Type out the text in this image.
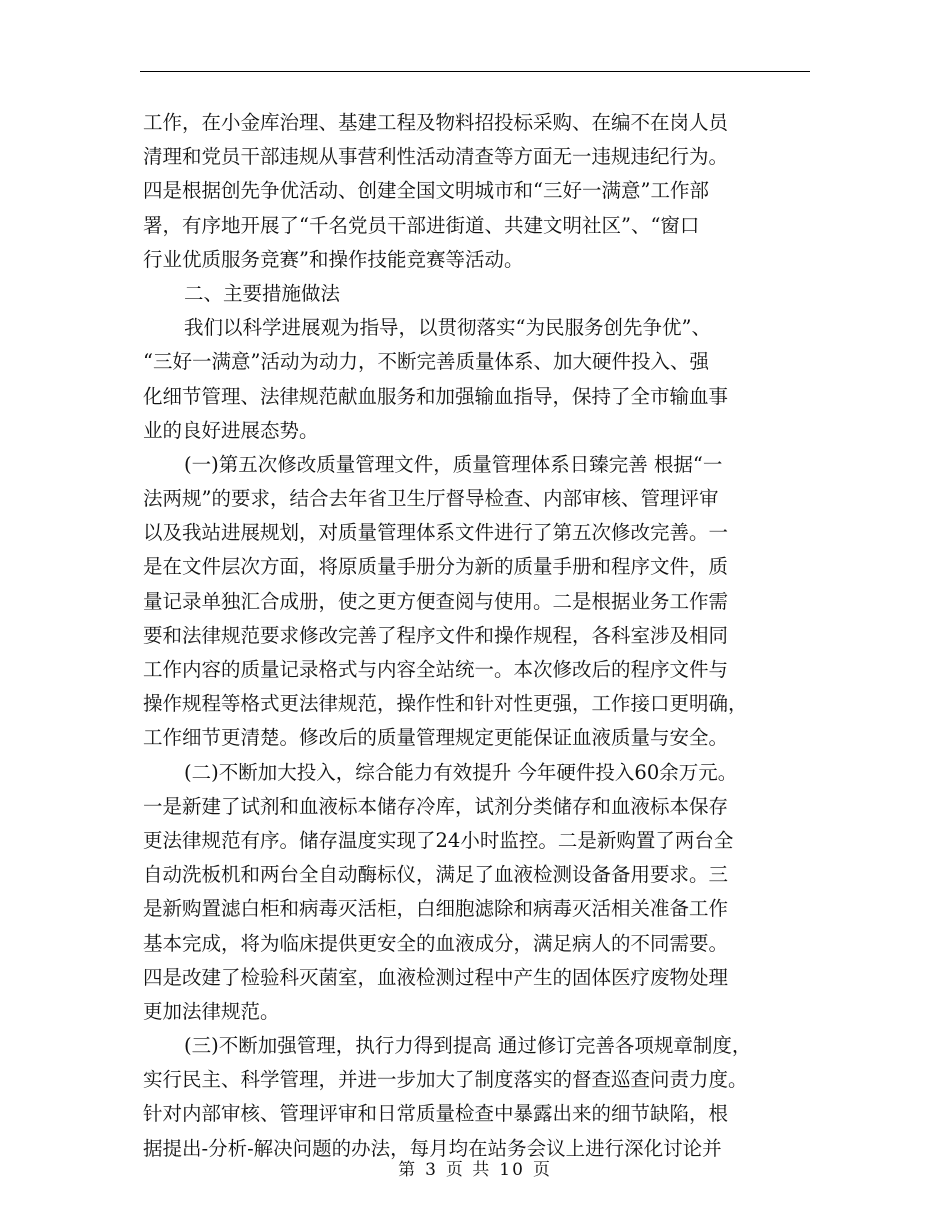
工作，在小金库治理、基建工程及物料招投标采购、在编不在岗人员
清理和党员干部违规从事营利性活动清查等方面无一违规违纪行为。
四是根据创先争优活动、创建全国文明城市和“三好一满意”工作部
署，有序地开展了“千名党员干部进街道、共建文明社区”、“窗口
行业优质服务竞赛”和操作技能竞赛等活动。
二、主要措施做法
我们以科学进展观为指导，以贯彻落实“为民服务创先争优”、
“三好一满意”活动为动力，不断完善质量体系、加大硬件投入、强
化细节管理、法律规范献血服务和加强输血指导，保持了全市输血事
业的良好进展态势。
(一)第五次修改质量管理文件，质量管理体系日臻完善 根据“一
法两规”的要求，结合去年省卫生厅督导检查、内部审核、管理评审
以及我站进展规划，对质量管理体系文件进行了第五次修改完善。一
是在文件层次方面，将原质量手册分为新的质量手册和程序文件，质
量记录单独汇合成册，使之更方便查阅与使用。二是根据业务工作需
要和法律规范要求修改完善了程序文件和操作规程，各科室涉及相同
工作内容的质量记录格式与内容全站统一。本次修改后的程序文件与
操作规程等格式更法律规范，操作性和针对性更强，工作接口更明确，
工作细节更清楚。修改后的质量管理规定更能保证血液质量与安全。
(二)不断加大投入，综合能力有效提升 今年硬件投入60余万元。
一是新建了试剂和血液标本储存冷库，试剂分类储存和血液标本保存
更法律规范有序。储存温度实现了24小时监控。二是新购置了两台全
自动洗板机和两台全自动酶标仪，满足了血液检测设备备用要求。三
是新购置滤白柜和病毒灭活柜，白细胞滤除和病毒灭活相关准备工作
基本完成，将为临床提供更安全的血液成分，满足病人的不同需要。
四是改建了检验科灭菌室，血液检测过程中产生的固体医疗废物处理
更加法律规范。
(三)不断加强管理，执行力得到提高 通过修订完善各项规章制度，
实行民主、科学管理，并进一步加大了制度落实的督查巡查问责力度。
针对内部审核、管理评审和日常质量检查中暴露出来的细节缺陷，根
据提出-分析-解决问题的办法，每月均在站务会议上进行深化讨论并
第 3 页 共 10 页
